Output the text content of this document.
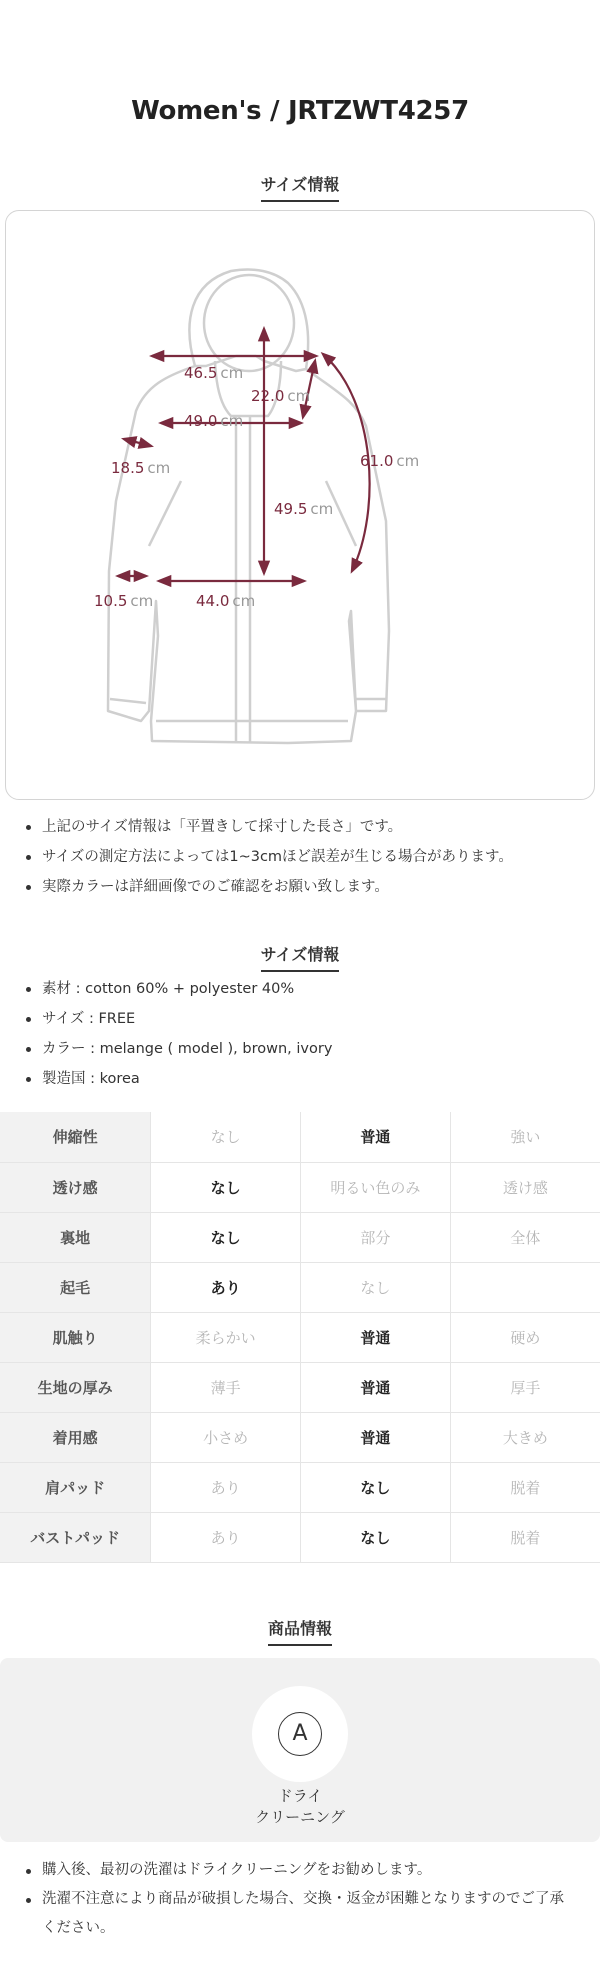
Women's / JRTZWT4257
サイズ情報
46.5 cm
49.0 cm
18.5 cm
10.5 cm	44.0 cm
22.0 cm
49.5 cm
61.0 cm
上記のサイズ情報は「平置きして採寸した長さ」です。
サイズの測定方法によっては1~3cmほど誤差が生じる場合があります。
実際カラーは詳細画像でのご確認をお願い致します。
サイズ情報
素材 : cotton 60% + polyester 40%
サイズ : FREE
カラー : melange ( model ), brown, ivory
製造国 : korea
伸縮性	なし	普通	強い
透け感	なし	明るい色のみ	透け感
裏地	なし	部分	全体
起毛	あり	なし	
肌触り	柔らかい	普通	硬め
生地の厚み	薄手	普通	厚手
着用感	小さめ	普通	大きめ
肩パッド	あり	なし	脱着
バストパッド	あり	なし	脱着
商品情報
A
ドライ
クリーニング
購入後、最初の洗濯はドライクリーニングをお勧めします。
洗濯不注意により商品が破損した場合、交換・返金が困難となりますのでご了承ください。
